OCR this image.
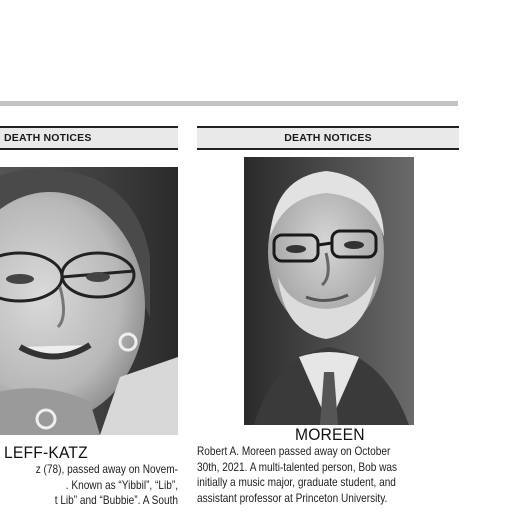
DEATH NOTICES
LEFF-KATZ
z (78), passed away on Novem-
. Known as “Yibbil”, “Lib”,
t Lib” and “Bubbie”. A South
DEATH NOTICES
MOREEN
Robert A. Moreen passed away on October
30th, 2021. A multi-talented person, Bob was
initially a music major, graduate student, and
assistant professor at Princeton University.
